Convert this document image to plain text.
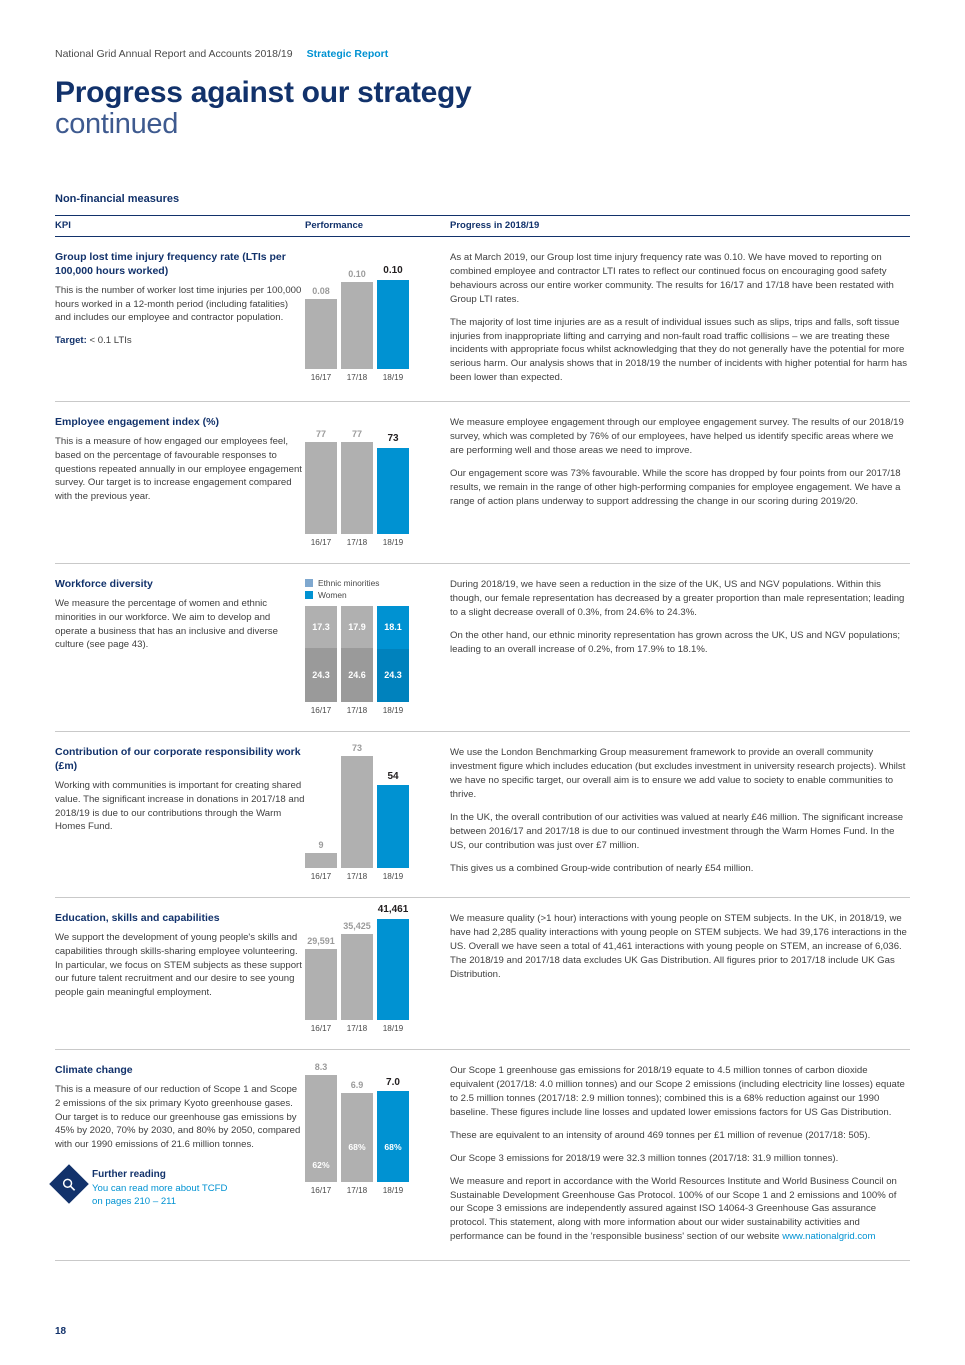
National Grid Annual Report and Accounts 2018/19 Strategic Report
Progress against our strategy
continued
Non-financial measures
KPI	Performance	Progress in 2018/19

Group lost time injury frequency rate (LTIs per 100,000 hours worked)
This is the number of worker lost time injuries per 100,000 hours worked in a 12-month period (including fatalities) and includes our employee and contractor population.
Target: < 0.1 LTIs

0.08
0.10	0.10
16/17	17/18	18/19

As at March 2019, our Group lost time injury frequency rate was 0.10. We have moved to reporting on combined employee and contractor LTI rates to reflect our continued focus on encouraging good safety behaviours across our entire worker community. The results for 16/17 and 17/18 have been restated with Group LTI rates.

The majority of lost time injuries are as a result of individual issues such as slips, trips and falls, soft tissue injuries from inappropriate lifting and carrying and non-fault road traffic collisions – we are treating these incidents with appropriate focus whilst acknowledging that they do not generally have the potential for more serious harm. Our analysis shows that in 2018/19 the number of incidents with higher potential for harm has been lower than expected.

Employee engagement index (%)
This is a measure of how engaged our employees feel, based on the percentage of favourable responses to questions repeated annually in our employee engagement survey. Our target is to increase engagement compared with the previous year.

77	77	73
16/17	17/18	18/19

We measure employee engagement through our employee engagement survey. The results of our 2018/19 survey, which was completed by 76% of our employees, have helped us identify specific areas where we are performing well and those areas we need to improve.

Our engagement score was 73% favourable. While the score has dropped by four points from our 2017/18 results, we remain in the range of other high-performing companies for employee engagement. We have a range of action plans underway to support addressing the change in our scoring during 2019/20.

Workforce diversity
We measure the percentage of women and ethnic minorities in our workforce. We aim to develop and operate a business that has an inclusive and diverse culture (see page 43).

Ethnic minorities
Women
17.3
24.3
17.9
24.6
18.1
24.3
16/17	17/18	18/19

During 2018/19, we have seen a reduction in the size of the UK, US and NGV populations. Within this though, our female representation has decreased by a greater proportion than male representation; leading to a slight decrease overall of 0.3%, from 24.6% to 24.3%.

On the other hand, our ethnic minority representation has grown across the UK, US and NGV populations; leading to an overall increase of 0.2%, from 17.9% to 18.1%.

Contribution of our corporate responsibility work (£m)
Working with communities is important for creating shared value. The significant increase in donations in 2017/18 and 2018/19 is due to our contributions through the Warm Homes Fund.

9
73
54
16/17	17/18	18/19

We use the London Benchmarking Group measurement framework to provide an overall community investment figure which includes education (but excludes investment in university research projects). Whilst we have no specific target, our overall aim is to ensure we add value to society to enable communities to thrive.

In the UK, the overall contribution of our activities was valued at nearly £46 million. The significant increase between 2016/17 and 2017/18 is due to our continued investment through the Warm Homes Fund. In the US, our contribution was just over £7 million.

This gives us a combined Group-wide contribution of nearly £54 million.

Education, skills and capabilities
We support the development of young people's skills and capabilities through skills-sharing employee volunteering. In particular, we focus on STEM subjects as these support our future talent recruitment and our desire to see young people gain meaningful employment.

29,591
35,425
41,461
16/17	17/18	18/19

We measure quality (>1 hour) interactions with young people on STEM subjects. In the UK, in 2018/19, we have had 2,285 quality interactions with young people on STEM subjects. We had 39,176 interactions in the US. Overall we have seen a total of 41,461 interactions with young people on STEM, an increase of 6,036. The 2018/19 and 2017/18 data excludes UK Gas Distribution. All figures prior to 2017/18 include UK Gas Distribution.

Climate change
This is a measure of our reduction of Scope 1 and Scope 2 emissions of the six primary Kyoto greenhouse gases. Our target is to reduce our greenhouse gas emissions by 45% by 2020, 70% by 2030, and 80% by 2050, compared with our 1990 emissions of 21.6 million tonnes.
Further reading
You can read more about TCFD
on pages 210 – 211

8.3
62%
6.9
68%
7.0
68%
16/17	17/18	18/19

Our Scope 1 greenhouse gas emissions for 2018/19 equate to 4.5 million tonnes of carbon dioxide equivalent (2017/18: 4.0 million tonnes) and our Scope 2 emissions (including electricity line losses) equate to 2.5 million tonnes (2017/18: 2.9 million tonnes); combined this is a 68% reduction against our 1990 baseline. These figures include line losses and updated lower emissions factors for US Gas Distribution.

These are equivalent to an intensity of around 469 tonnes per £1 million of revenue (2017/18: 505).

Our Scope 3 emissions for 2018/19 were 32.3 million tonnes (2017/18: 31.9 million tonnes).

We measure and report in accordance with the World Resources Institute and World Business Council on Sustainable Development Greenhouse Gas Protocol. 100% of our Scope 1 and 2 emissions and 100% of our Scope 3 emissions are independently assured against ISO 14064-3 Greenhouse Gas assurance protocol. This statement, along with more information about our wider sustainability activities and performance can be found in the 'responsible business' section of our website www.nationalgrid.com

18
